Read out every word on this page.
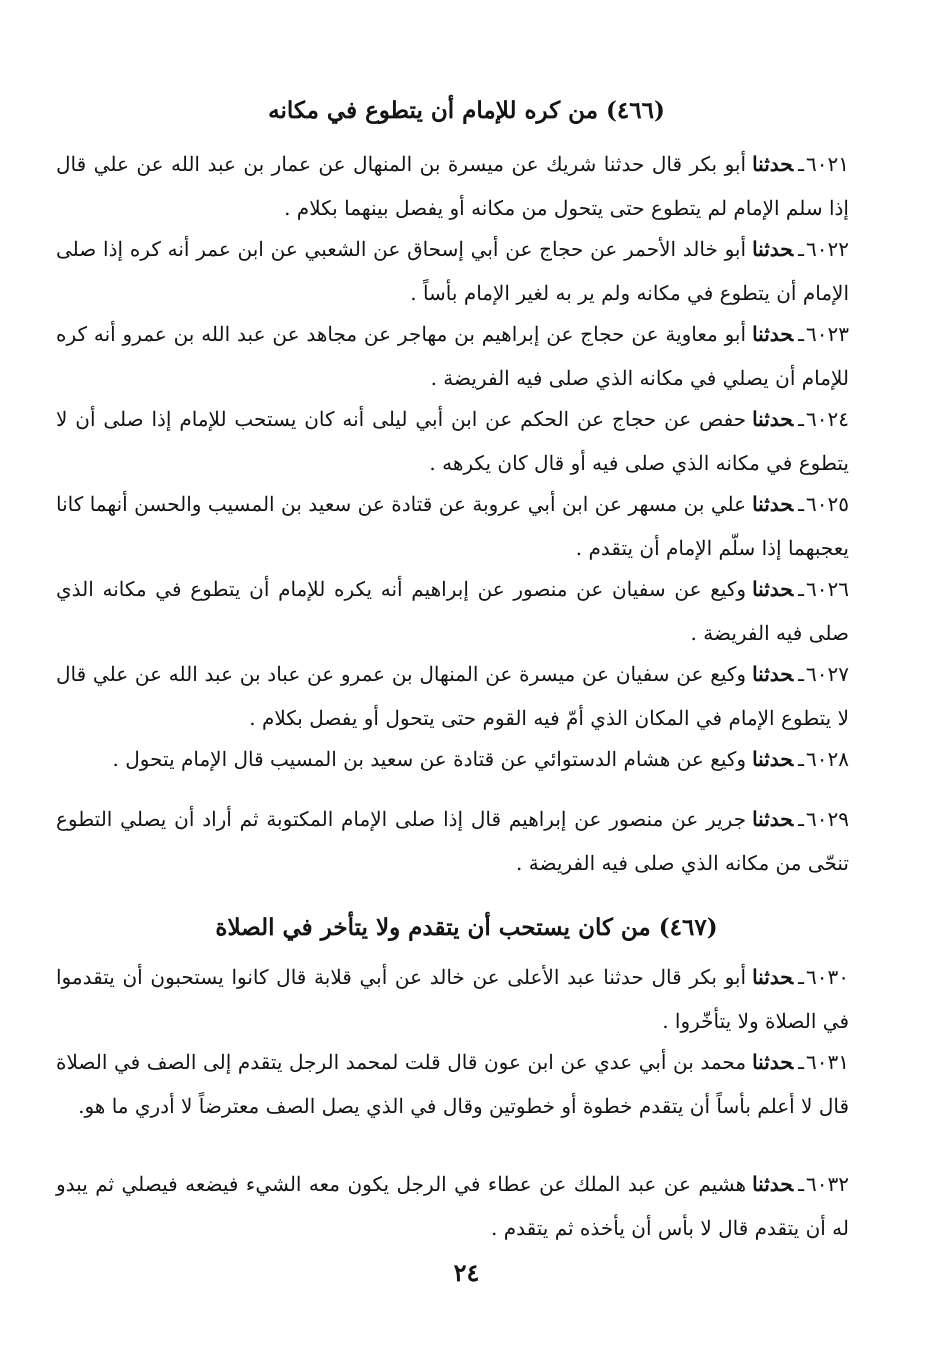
(٤٦٦) من كره للإمام أن يتطوع في مكانه

٦٠٢١ـحدثناأبو بكر قال حدثنا شريك عن ميسرة بن المنهال عن عمار بن عبد الله عن علي قال إذا سلم الإمام لم يتطوع حتى يتحول من مكانه أو يفصل بينهما بكلام .

٦٠٢٢ـحدثناأبو خالد الأحمر عن حجاج عن أبي إسحاق عن الشعبي عن ابن عمر أنه كره إذا صلى الإمام أن يتطوع في مكانه ولم ير به لغير الإمام بأساً .

٦٠٢٣ـحدثناأبو معاوية عن حجاج عن إبراهيم بن مهاجر عن مجاهد عن عبد الله بن عمرو أنه كره للإمام أن يصلي في مكانه الذي صلى فيه الفريضة .

٦٠٢٤ـحدثناحفص عن حجاج عن الحكم عن ابن أبي ليلى أنه كان يستحب للإمام إذا صلى أن لا يتطوع في مكانه الذي صلى فيه أو قال كان يكرهه .

٦٠٢٥ـحدثناعلي بن مسهر عن ابن أبي عروبة عن قتادة عن سعيد بن المسيب والحسن أنهما كانا يعجبهما إذا سلّم الإمام أن يتقدم .

٦٠٢٦ـحدثناوكيع عن سفيان عن منصور عن إبراهيم أنه يكره للإمام أن يتطوع في مكانه الذي صلى فيه الفريضة .

٦٠٢٧ـحدثناوكيع عن سفيان عن ميسرة عن المنهال بن عمرو عن عباد بن عبد الله عن علي قال لا يتطوع الإمام في المكان الذي أمّ فيه القوم حتى يتحول أو يفصل بكلام .

٦٠٢٨ـحدثناوكيع عن هشام الدستوائي عن قتادة عن سعيد بن المسيب قال الإمام يتحول .

٦٠٢٩ـحدثناجرير عن منصور عن إبراهيم قال إذا صلى الإمام المكتوبة ثم أراد أن يصلي التطوع تنحّى من مكانه الذي صلى فيه الفريضة .

(٤٦٧) من كان يستحب أن يتقدم ولا يتأخر في الصلاة

٦٠٣٠ـحدثناأبو بكر قال حدثنا عبد الأعلى عن خالد عن أبي قلابة قال كانوا يستحبون أن يتقدموا في الصلاة ولا يتأخّروا .

٦٠٣١ـحدثنامحمد بن أبي عدي عن ابن عون قال قلت لمحمد الرجل يتقدم إلى الصف في الصلاة قال لا أعلم بأساً أن يتقدم خطوة أو خطوتين وقال في الذي يصل الصف معترضاً لا أدري ما هو.

٦٠٣٢ـحدثناهشيم عن عبد الملك عن عطاء في الرجل يكون معه الشيء فيضعه فيصلي ثم يبدو له أن يتقدم قال لا بأس أن يأخذه ثم يتقدم .

٢٤
